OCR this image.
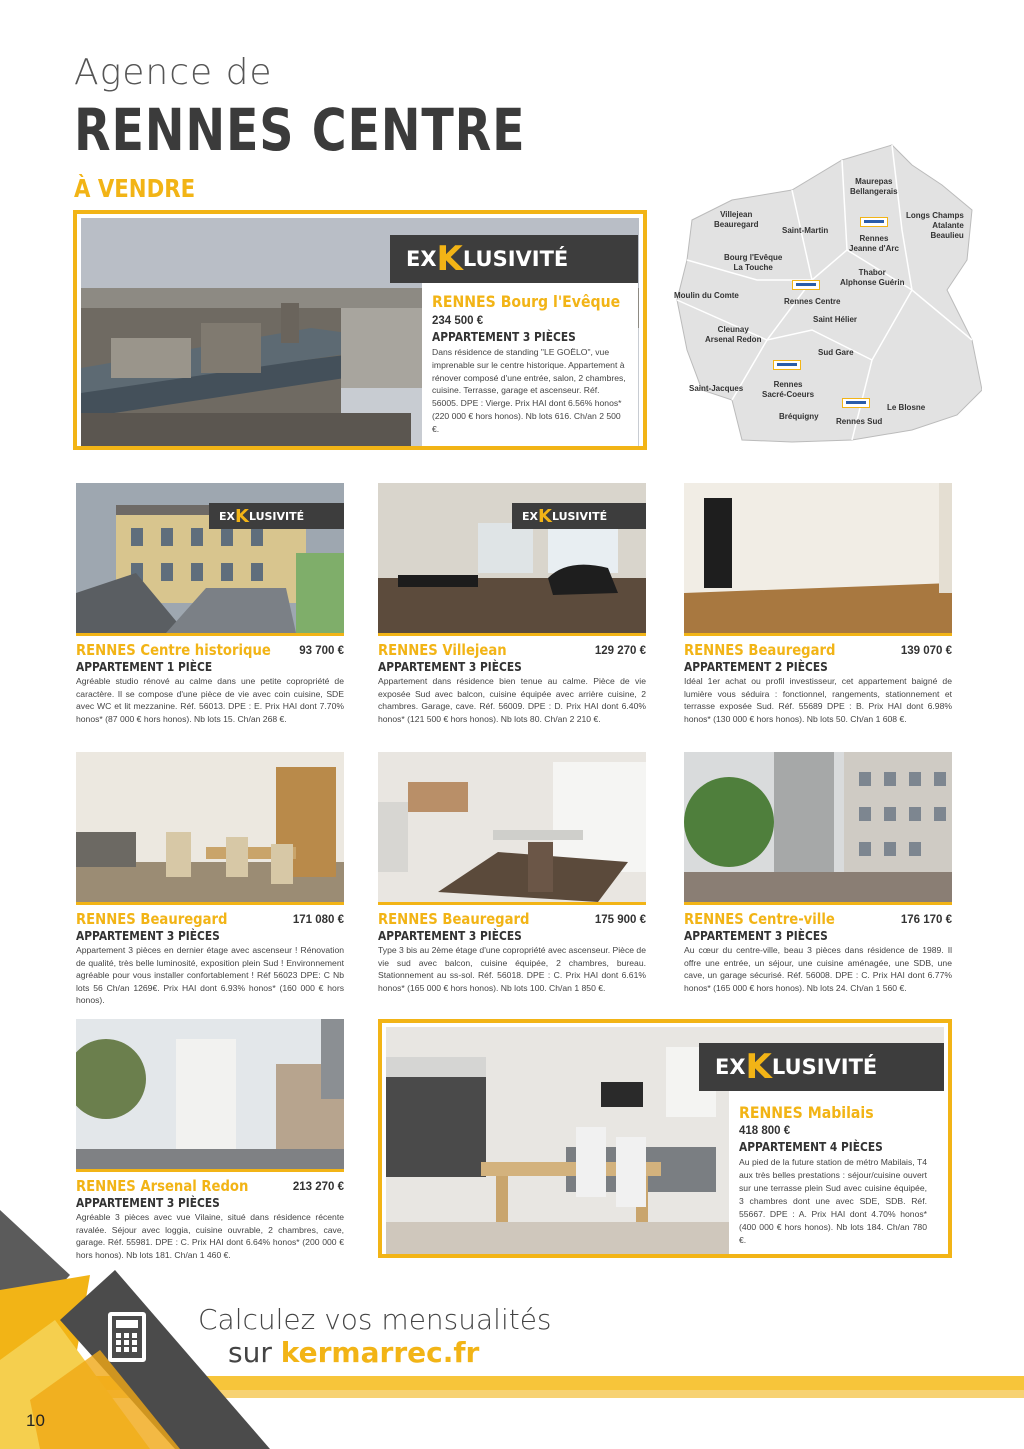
Agence de
RENNES CENTRE
À VENDRE
EX K LUSIVITÉ
RENNES Bourg l'Evêque
234 500 €
APPARTEMENT 3 PIÈCES
Dans résidence de standing "LE GOËLO", vue imprenable sur le centre historique. Appartement à rénover composé d'une entrée, salon, 2 chambres, cuisine. Terrasse, garage et ascenseur. Réf. 56005. DPE : Vierge. Prix HAI dont 6.56% honos* (220 000 € hors honos). Nb lots 616. Ch/an 2 500 €.
Maurepas
Bellangerais
Villejean
Beauregard
Saint-Martin
Longs Champs
Atalante
Beaulieu
Rennes
Jeanne d'Arc
Bourg l'Evêque
La Touche
Thabor
Alphonse Guérin
Moulin du Comte
Rennes Centre
Saint Hélier
Cleunay
Arsenal Redon
Sud Gare
Saint-Jacques	Rennes
Sacré-Coeurs
Le Blosne
Bréquigny
Rennes Sud
EX K LUSIVITÉ	EX K LUSIVITÉ
RENNES Centre historique	93 700 €
APPARTEMENT 1 PIÈCE
Agréable studio rénové au calme dans une petite copropriété de caractère. Il se compose d'une pièce de vie avec coin cuisine, SDE avec WC et lit mezzanine. Réf. 56013. DPE : E. Prix HAI dont 7.70% honos* (87 000 € hors honos). Nb lots 15. Ch/an 268 €.
RENNES Villejean	129 270 €
APPARTEMENT 3 PIÈCES
Appartement dans résidence bien tenue au calme. Pièce de vie exposée Sud avec balcon, cuisine équipée avec arrière cuisine, 2 chambres. Garage, cave. Réf. 56009. DPE : D. Prix HAI dont 6.40% honos* (121 500 € hors honos). Nb lots 80. Ch/an 2 210 €.
RENNES Beauregard	139 070 €
APPARTEMENT 2 PIÈCES
Idéal 1er achat ou profil investisseur, cet appartement baigné de lumière vous séduira : fonctionnel, rangements, stationnement et terrasse exposée Sud. Réf. 55689 DPE : B. Prix HAI dont 6.98% honos* (130 000 € hors honos). Nb lots 50. Ch/an 1 608 €.
RENNES Beauregard	171 080 €
APPARTEMENT 3 PIÈCES
Appartement 3 pièces en dernier étage avec ascenseur ! Rénovation de qualité, très belle luminosité, exposition plein Sud ! Environnement agréable pour vous installer confortablement ! Réf 56023 DPE: C Nb lots 56 Ch/an 1269€. Prix HAI dont 6.93% honos* (160 000 € hors honos).
RENNES Beauregard	175 900 €
APPARTEMENT 3 PIÈCES
Type 3 bis au 2ème étage d'une copropriété avec ascenseur. Pièce de vie sud avec balcon, cuisine équipée, 2 chambres, bureau. Stationnement au ss-sol. Réf. 56018. DPE : C. Prix HAI dont 6.61% honos* (165 000 € hors honos). Nb lots 100. Ch/an 1 850 €.
RENNES Centre-ville	176 170 €
APPARTEMENT 3 PIÈCES
Au cœur du centre-ville, beau 3 pièces dans résidence de 1989. Il offre une entrée, un séjour, une cuisine aménagée, une SDB, une cave, un garage sécurisé. Réf. 56008. DPE : C. Prix HAI dont 6.77% honos* (165 000 € hors honos). Nb lots 24. Ch/an 1 560 €.
RENNES Arsenal Redon	213 270 €
APPARTEMENT 3 PIÈCES
Agréable 3 pièces avec vue Vilaine, situé dans résidence récente ravalée. Séjour avec loggia, cuisine ouvrable, 2 chambres, cave, garage. Réf. 55981. DPE : C. Prix HAI dont 6.64% honos* (200 000 € hors honos). Nb lots 181. Ch/an 1 460 €.
EX K LUSIVITÉ
RENNES Mabilais
418 800 €
APPARTEMENT 4 PIÈCES
Au pied de la future station de métro Mabilais, T4 aux très belles prestations : séjour/cuisine ouvert sur une terrasse plein Sud avec cuisine équipée, 3 chambres dont une avec SDE, SDB. Réf. 55667. DPE : A. Prix HAI dont 4.70% honos* (400 000 € hors honos). Nb lots 184. Ch/an 780 €.
Calculez vos mensualités
sur kermarrec.fr
10
